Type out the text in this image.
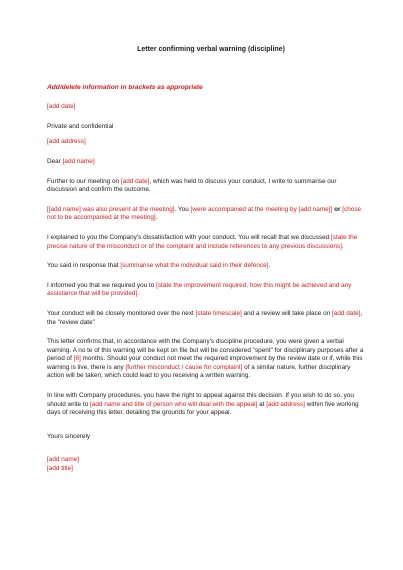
Letter confirming verbal warning (discipline)
Add/delete information in brackets as appropriate
[add date]
Private and confidential
[add address]
Dear [add name]
Further to our meeting on [add date], which was held to discuss your conduct, I write to summarise our discussion and confirm the outcome.
[[add name] was also present at the meeting]. You [were accompanied at the meeting by [add name]] or [chose not to be accompanied at the meeting].
I explained to you the Company's dissatisfaction with your conduct. You will recall that we discussed [state the precise nature of the misconduct or of the complaint and include references to any previous discussions].
You said in response that [summarise what the individual said in their defence].
I informed you that we required you to [state the improvement required, how this might be achieved and any assistance that will be provided].
Your conduct will be closely monitored over the next [state timescale] and a review will take place on [add date], the "review date"
This letter confirms that, in accordance with the Company's discipline procedure, you were given a verbal warning. A no te of this warning will be kept on file but will be considered "spent" for disciplinary purposes after a period of [6] months. Should your conduct not meet the required improvement by the review date or if, while this warning is live, there is any [further misconduct / cause for complaint] of a similar nature, further disciplinary action will be taken, which could lead to you receiving a written warning.
In line with Company procedures, you have the right to appeal against this decision. If you wish to do so, you should write to [add name and title of person who will deal with the appeal] at [add address] within five working days of receiving this letter, detailing the grounds for your appeal.
Yours sincerely
[add name]
[add title]
